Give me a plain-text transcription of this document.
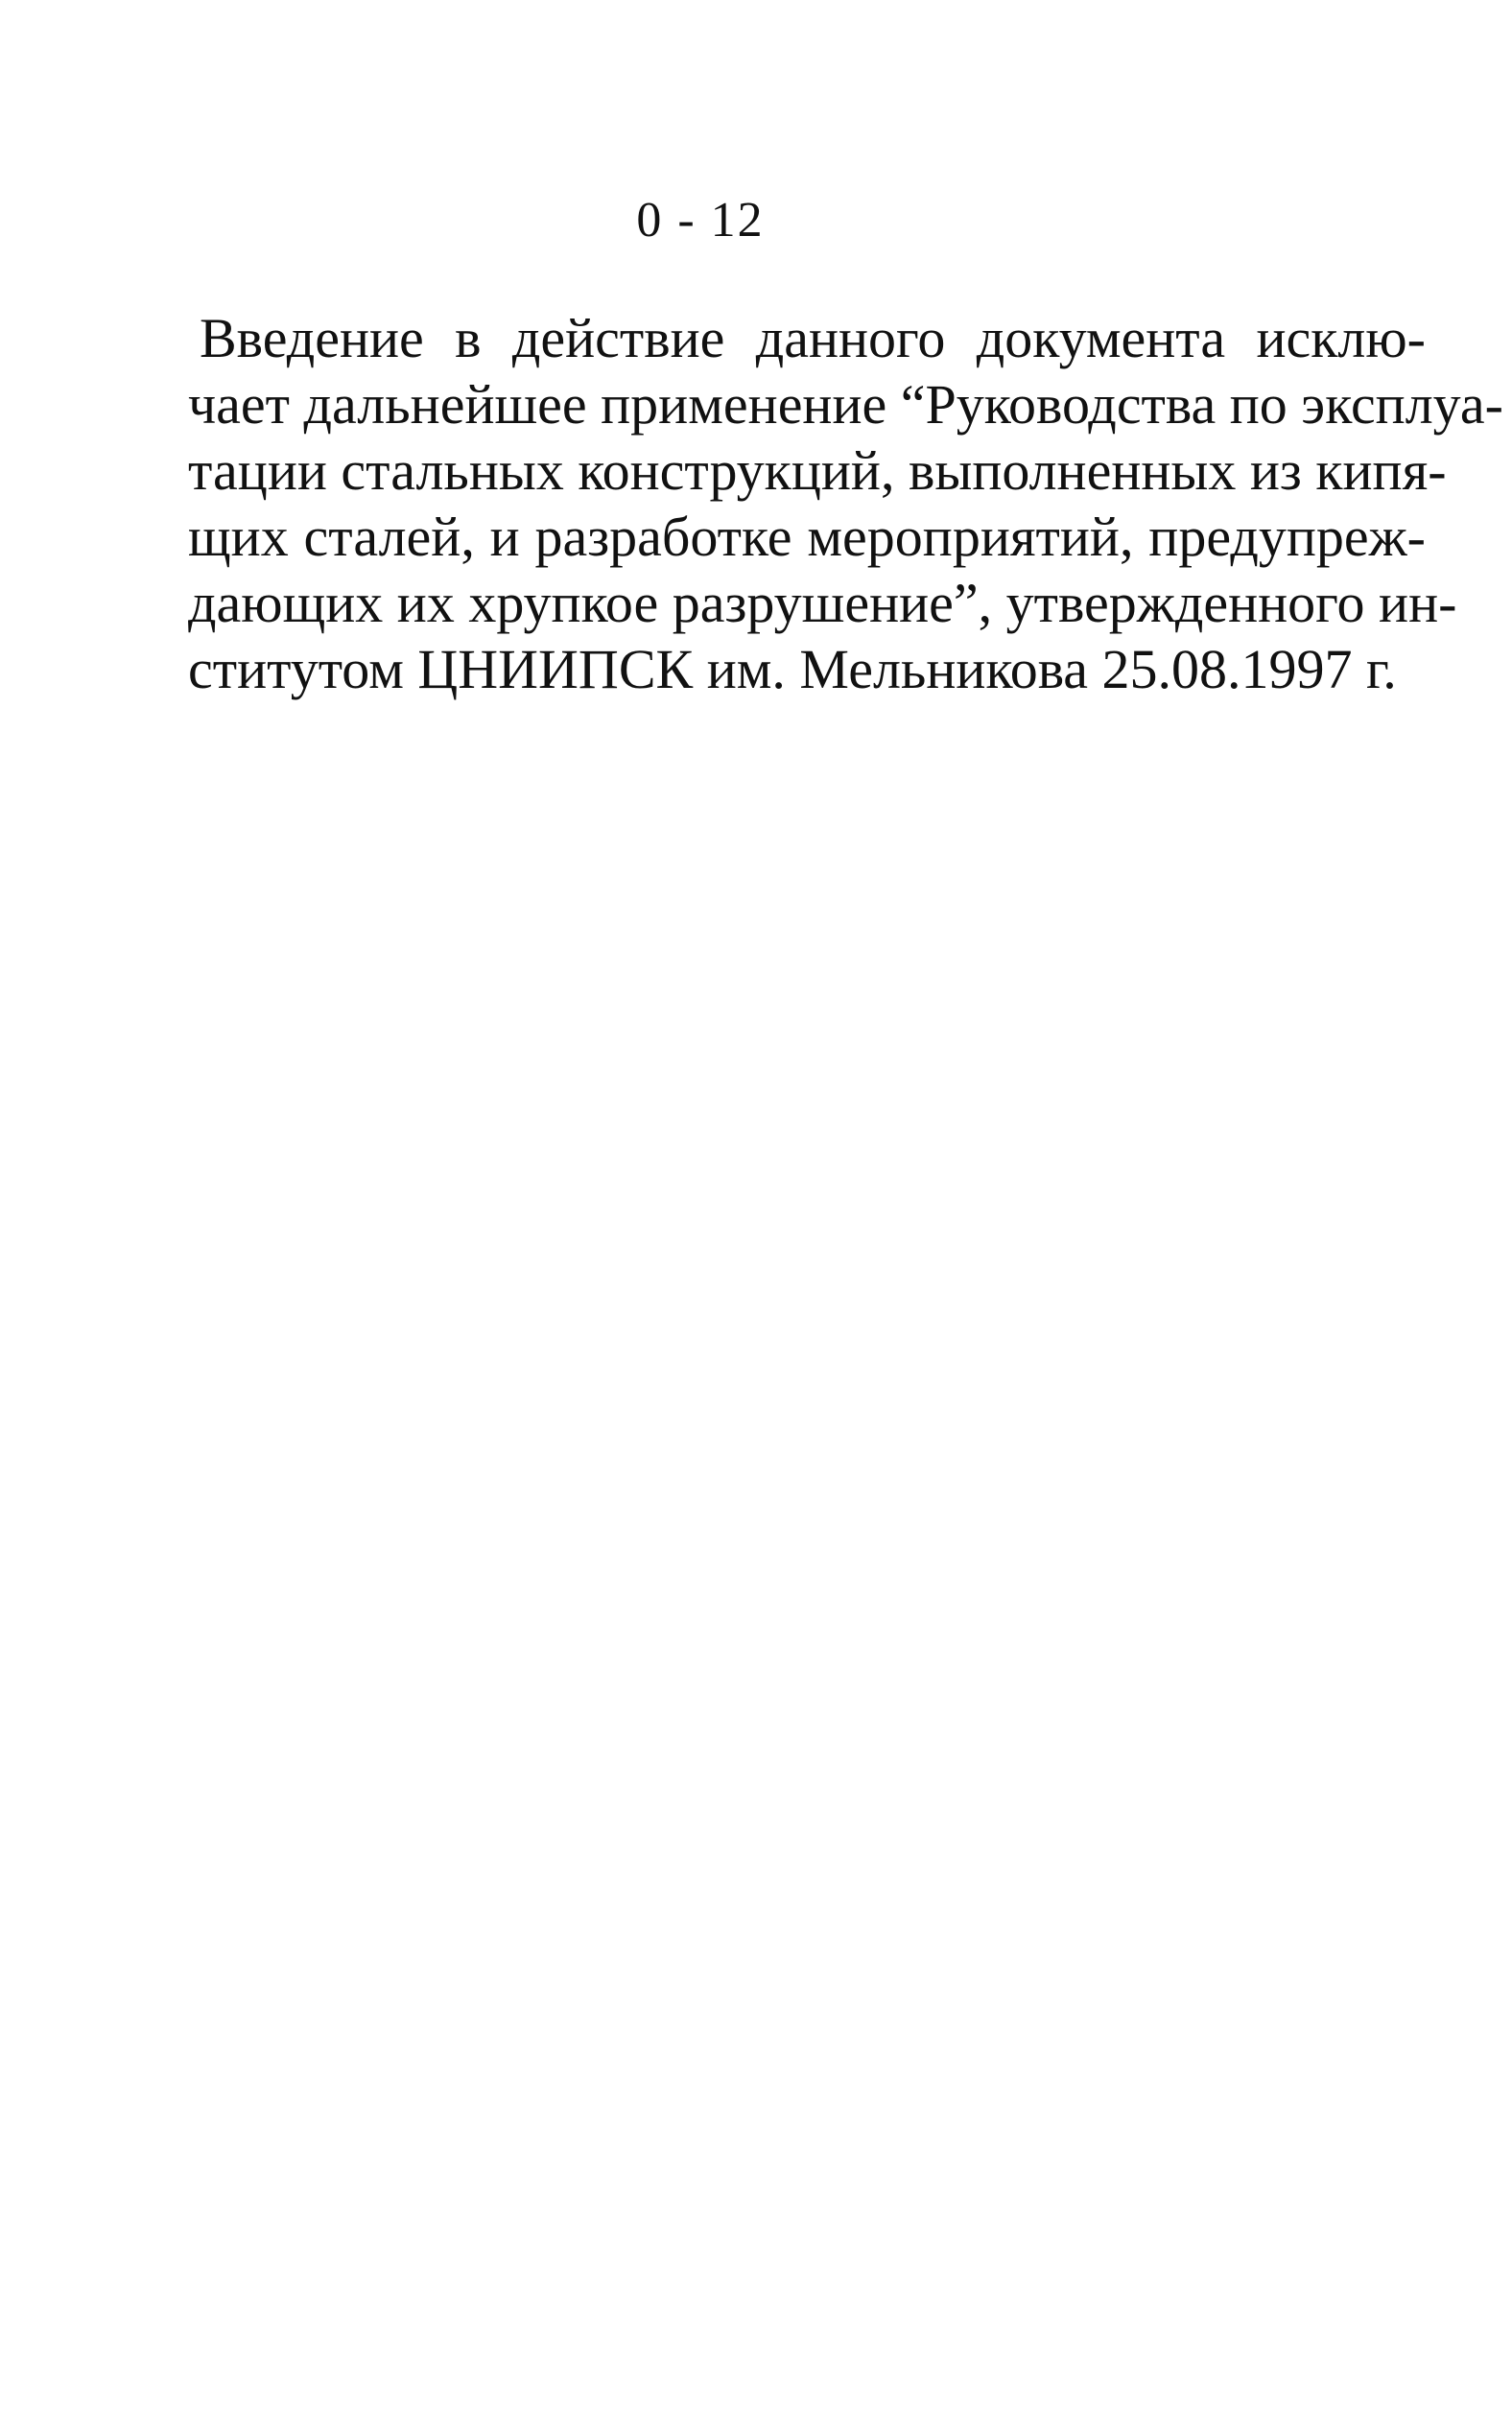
0 - 12
Введение в действие данного документа исклю-
чает дальнейшее применение “Руководства по эксплуа-
тации стальных конструкций, выполненных из кипя-
щих сталей, и разработке мероприятий, предупреж-
дающих их хрупкое разрушение”, утвержденного ин-
ститутом ЦНИИПСК им. Мельникова 25.08.1997 г.
